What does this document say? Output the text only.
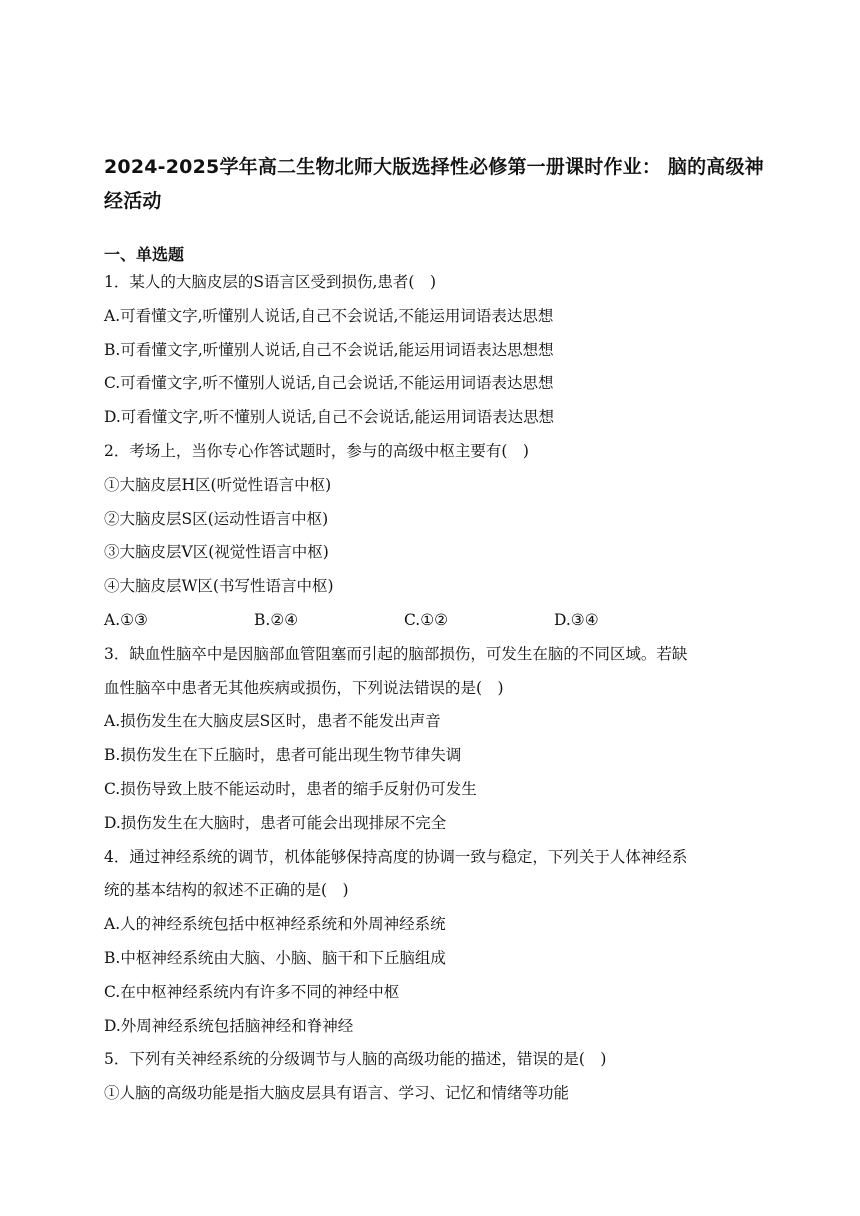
2024-2025学年高二生物北师大版选择性必修第一册课时作业： 脑的高级神经活动
一、单选题
1．某人的大脑皮层的S语言区受到损伤,患者(　)
A.可看懂文字,听懂别人说话,自己不会说话,不能运用词语表达思想
B.可看懂文字,听懂别人说话,自己不会说话,能运用词语表达思想想
C.可看懂文字,听不懂别人说话,自己会说话,不能运用词语表达思想
D.可看懂文字,听不懂别人说话,自己不会说话,能运用词语表达思想
2．考场上，当你专心作答试题时，参与的高级中枢主要有(　)
①大脑皮层H区(听觉性语言中枢)
②大脑皮层S区(运动性语言中枢)
③大脑皮层V区(视觉性语言中枢)
④大脑皮层W区(书写性语言中枢)
A.①③	B.②④	C.①②	D.③④
3．缺血性脑卒中是因脑部血管阻塞而引起的脑部损伤，可发生在脑的不同区域。若缺
血性脑卒中患者无其他疾病或损伤，下列说法错误的是(　)
A.损伤发生在大脑皮层S区时，患者不能发出声音
B.损伤发生在下丘脑时，患者可能出现生物节律失调
C.损伤导致上肢不能运动时，患者的缩手反射仍可发生
D.损伤发生在大脑时，患者可能会出现排尿不完全
4．通过神经系统的调节，机体能够保持高度的协调一致与稳定，下列关于人体神经系
统的基本结构的叙述不正确的是(　)
A.人的神经系统包括中枢神经系统和外周神经系统
B.中枢神经系统由大脑、小脑、脑干和下丘脑组成
C.在中枢神经系统内有许多不同的神经中枢
D.外周神经系统包括脑神经和脊神经
5．下列有关神经系统的分级调节与人脑的高级功能的描述，错误的是(　)
①人脑的高级功能是指大脑皮层具有语言、学习、记忆和情绪等功能
